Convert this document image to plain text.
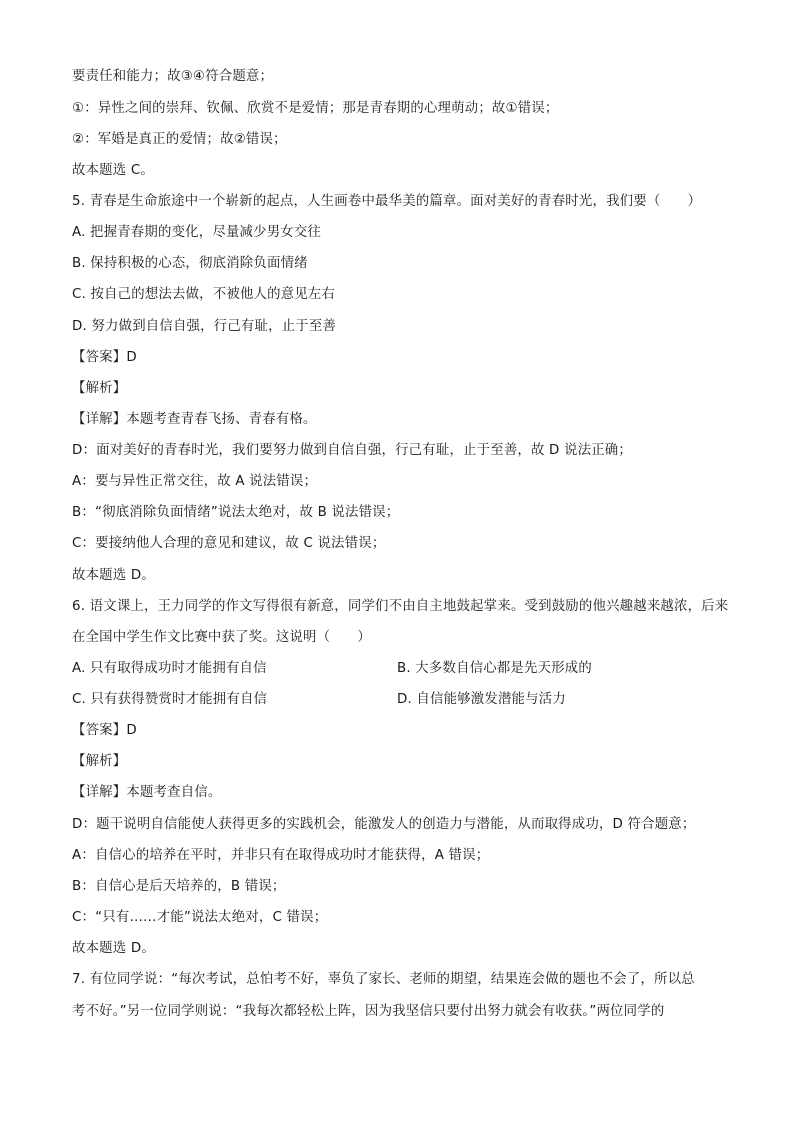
要责任和能力；故③④符合题意；
①：异性之间的崇拜、钦佩、欣赏不是爱情；那是青春期的心理萌动；故①错误；
②：军婚是真正的爱情；故②错误；
故本题选 C。
5. 青春是生命旅途中一个崭新的起点，人生画卷中最华美的篇章。面对美好的青春时光，我们要（　　）
A. 把握青春期的变化，尽量减少男女交往
B. 保持积极的心态，彻底消除负面情绪
C. 按自己的想法去做，不被他人的意见左右
D. 努力做到自信自强，行己有耻，止于至善
【答案】D
【解析】
【详解】本题考查青春飞扬、青春有格。
D：面对美好的青春时光，我们要努力做到自信自强，行己有耻，止于至善，故 D 说法正确；
A：要与异性正常交往，故 A 说法错误；
B：“彻底消除负面情绪”说法太绝对，故 B 说法错误；
C：要接纳他人合理的意见和建议，故 C 说法错误；
故本题选 D。
6. 语文课上，王力同学的作文写得很有新意，同学们不由自主地鼓起掌来。受到鼓励的他兴趣越来越浓，后来
在全国中学生作文比赛中获了奖。这说明（　　）
A. 只有取得成功时才能拥有自信	B. 大多数自信心都是先天形成的
C. 只有获得赞赏时才能拥有自信	D. 自信能够激发潜能与活力
【答案】D
【解析】
【详解】本题考查自信。
D：题干说明自信能使人获得更多的实践机会，能激发人的创造力与潜能，从而取得成功，D 符合题意；
A：自信心的培养在平时，并非只有在取得成功时才能获得，A 错误；
B：自信心是后天培养的，B 错误；
C：“只有……才能”说法太绝对，C 错误；
故本题选 D。
7. 有位同学说：“每次考试，总怕考不好，辜负了家长、老师的期望，结果连会做的题也不会了，所以总
考不好。”另一位同学则说：“我每次都轻松上阵，因为我坚信只要付出努力就会有收获。”两位同学的
